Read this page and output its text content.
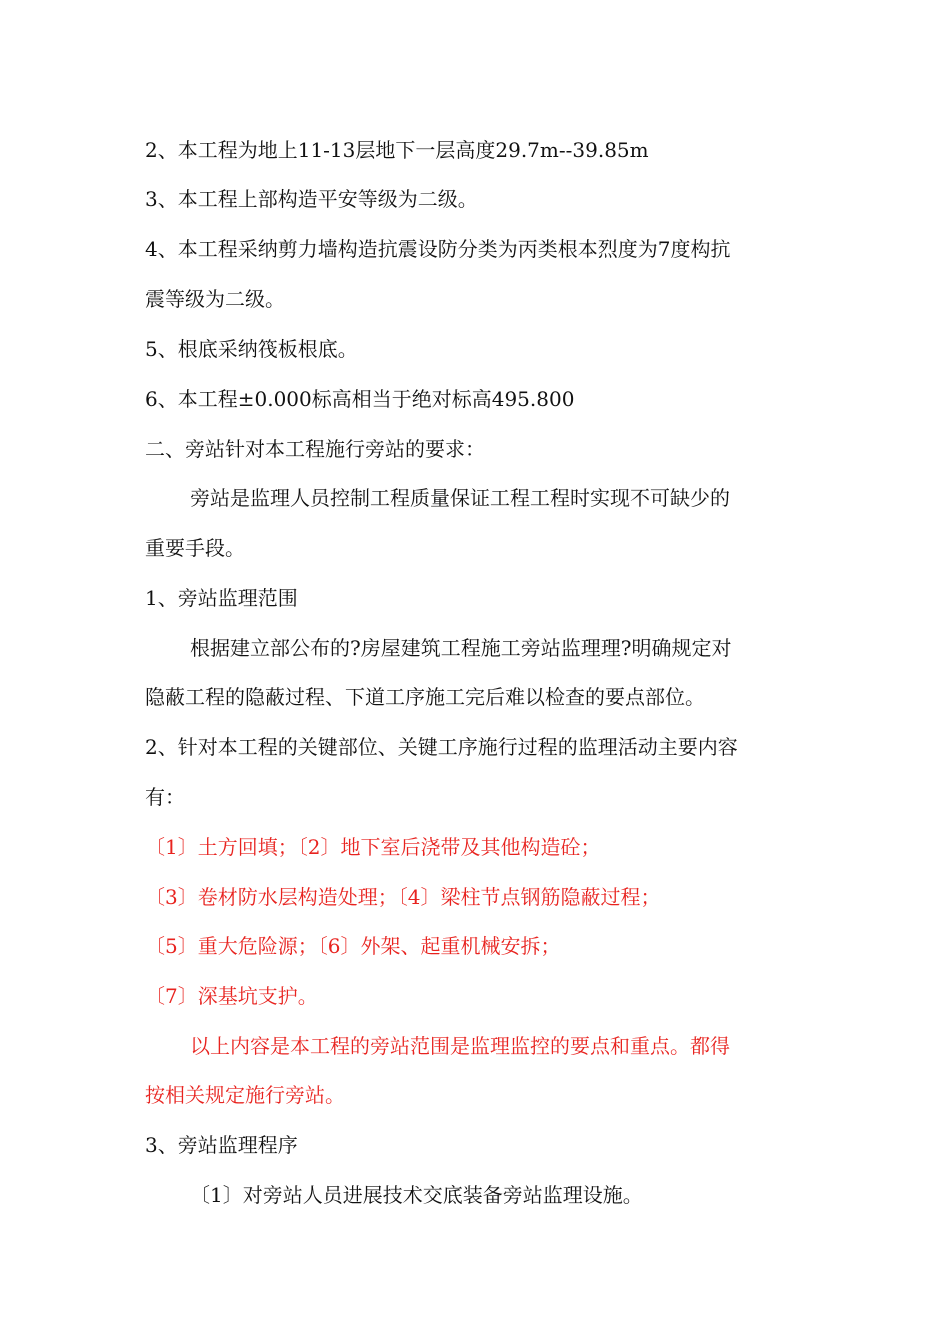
2、本工程为地上11-13层地下一层高度29.7m--39.85m
3、本工程上部构造平安等级为二级。
4、本工程采纳剪力墙构造抗震设防分类为丙类根本烈度为7度构抗
震等级为二级。
5、根底采纳筏板根底。
6、本工程±0.000标高相当于绝对标高495.800
二、旁站针对本工程施行旁站的要求：
旁站是监理人员控制工程质量保证工程工程时实现不可缺少的
重要手段。
1、旁站监理范围
根据建立部公布的?房屋建筑工程施工旁站监理理?明确规定对
隐蔽工程的隐蔽过程、下道工序施工完后难以检查的要点部位。
2、针对本工程的关键部位、关键工序施行过程的监理活动主要内容
有：
〔1〕土方回填；〔2〕地下室后浇带及其他构造砼；
〔3〕卷材防水层构造处理；〔4〕梁柱节点钢筋隐蔽过程；
〔5〕重大危险源；〔6〕外架、起重机械安拆；
〔7〕深基坑支护。
以上内容是本工程的旁站范围是监理监控的要点和重点。都得
按相关规定施行旁站。
3、旁站监理程序
〔1〕对旁站人员进展技术交底装备旁站监理设施。
